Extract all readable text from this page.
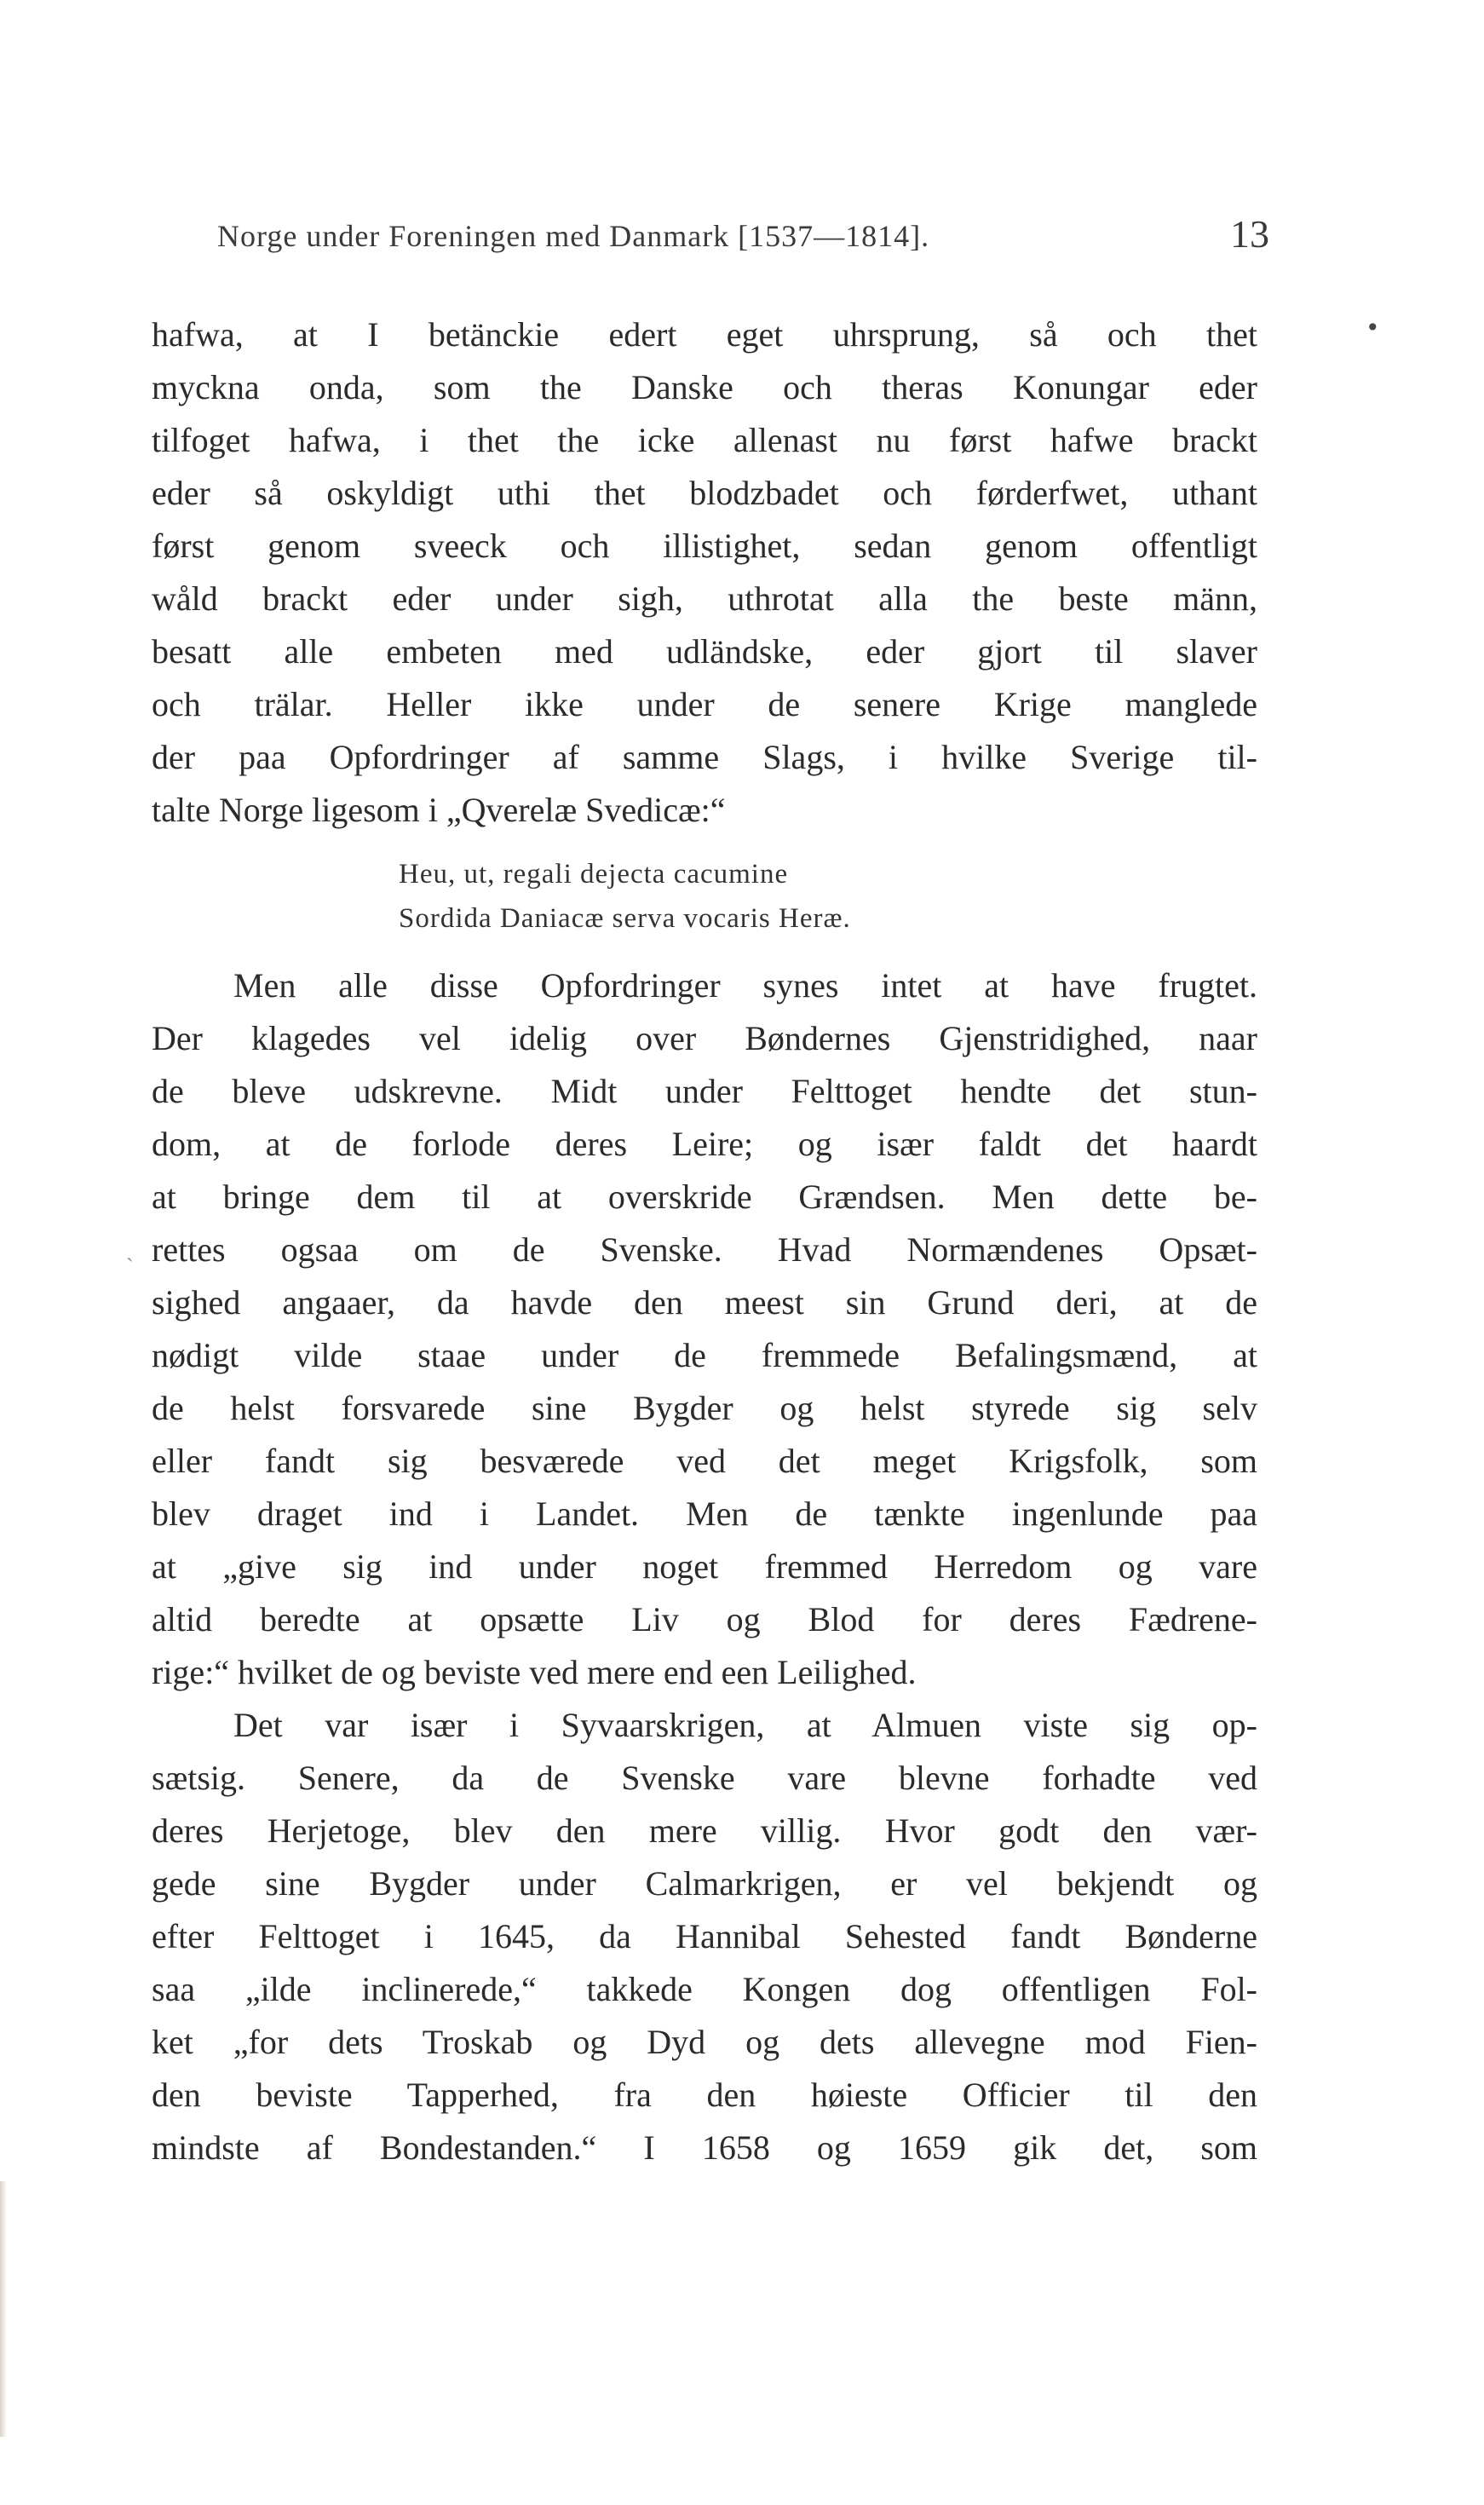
Norge under Foreningen med Danmark [1537—1814].	13
•
ˏ
hafwa, at I betänckie edert eget uhrsprung, så och thet
myckna onda, som the Danske och theras Konungar eder
tilfoget hafwa, i thet the icke allenast nu først hafwe brackt
eder så oskyldigt uthi thet blodzbadet och førderfwet, uthant
først genom sveeck och illistighet, sedan genom offentligt
wåld brackt eder under sigh, uthrotat alla the beste männ,
besatt alle embeten med udländske, eder gjort til slaver
och trälar. Heller ikke under de senere Krige manglede
der paa Opfordringer af samme Slags, i hvilke Sverige til-
talte Norge ligesom i „Qverelæ Svedicæ:“
Heu, ut, regali dejecta cacumine
Sordida Daniacæ serva vocaris Heræ.
Men alle disse Opfordringer synes intet at have frugtet.
Der klagedes vel idelig over Bøndernes Gjenstridighed, naar
de bleve udskrevne. Midt under Felttoget hendte det stun-
dom, at de forlode deres Leire; og især faldt det haardt
at bringe dem til at overskride Grændsen. Men dette be-
rettes ogsaa om de Svenske. Hvad Normændenes Opsæt-
sighed angaaer, da havde den meest sin Grund deri, at de
nødigt vilde staae under de fremmede Befalingsmænd, at
de helst forsvarede sine Bygder og helst styrede sig selv
eller fandt sig besværede ved det meget Krigsfolk, som
blev draget ind i Landet. Men de tænkte ingenlunde paa
at „give sig ind under noget fremmed Herredom og vare
altid beredte at opsætte Liv og Blod for deres Fædrene-
rige:“ hvilket de og beviste ved mere end een Leilighed.
Det var især i Syvaarskrigen, at Almuen viste sig op-
sætsig. Senere, da de Svenske vare blevne forhadte ved
deres Herjetoge, blev den mere villig. Hvor godt den vær-
gede sine Bygder under Calmarkrigen, er vel bekjendt og
efter Felttoget i 1645, da Hannibal Sehested fandt Bønderne
saa „ilde inclinerede,“ takkede Kongen dog offentligen Fol-
ket „for dets Troskab og Dyd og dets allevegne mod Fien-
den beviste Tapperhed, fra den høieste Officier til den
mindste af Bondestanden.“ I 1658 og 1659 gik det, som
